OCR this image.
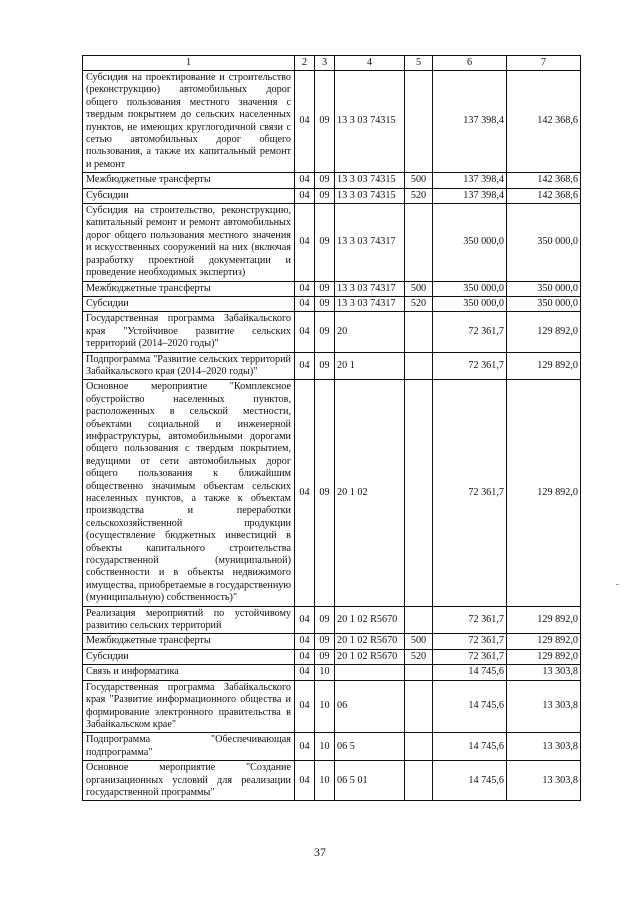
1	2	3	4	5	6	7
Субсидия на проектирование и строительство (реконструкцию) автомобильных дорог общего пользования местного значения с твердым покрытием до сельских населенных пунктов, не имеющих круглогодичной связи с сетью автомобильных дорог общего пользования, а также их капитальный ремонт и ремонт	04	09	13 3 03 74315		137 398,4	142 368,6
Межбюджетные трансферты	04	09	13 3 03 74315	500	137 398,4	142 368,6
Субсидии	04	09	13 3 03 74315	520	137 398,4	142 368,6
Субсидия на строительство, реконструкцию, капитальный ремонт и ремонт автомобильных дорог общего пользования местного значения и искусственных сооружений на них (включая разработку проектной документации и проведение необходимых экспертиз)	04	09	13 3 03 74317		350 000,0	350 000,0
Межбюджетные трансферты	04	09	13 3 03 74317	500	350 000,0	350 000,0
Субсидии	04	09	13 3 03 74317	520	350 000,0	350 000,0
Государственная программа Забайкальского края "Устойчивое развитие сельских территорий (2014–2020 годы)"	04	09	20		72 361,7	129 892,0
Подпрограмма "Развитие сельских территорий Забайкальского края (2014–2020 годы)"	04	09	20 1		72 361,7	129 892,0
Основное мероприятие "Комплексное обустройство населенных пунктов, расположенных в сельской местности, объектами социальной и инженерной инфраструктуры, автомобильными дорогами общего пользования с твердым покрытием, ведущими от сети автомобильных дорог общего пользования к ближайшим общественно значимым объектам сельских населенных пунктов, а также к объектам производства и переработки сельскохозяйственной продукции (осуществление бюджетных инвестиций в объекты капитального строительства государственной (муниципальной) собственности и в объекты недвижимого имущества, приобретаемые в государственную (муниципальную) собственность)"	04	09	20 1 02		72 361,7	129 892,0
Реализация мероприятий по устойчивому развитию сельских территорий	04	09	20 1 02 R5670		72 361,7	129 892,0
Межбюджетные трансферты	04	09	20 1 02 R5670	500	72 361,7	129 892,0
Субсидии	04	09	20 1 02 R5670	520	72 361,7	129 892,0
Связь и информатика	04	10			14 745,6	13 303,8
Государственная программа Забайкальского края "Развитие информационного общества и формирование электронного правительства в Забайкальском крае"	04	10	06		14 745,6	13 303,8
Подпрограмма "Обеспечивающая подпрограмма"	04	10	06 5		14 745,6	13 303,8
Основное мероприятие "Создание организационных условий для реализации государственной программы"	04	10	06 5 01		14 745,6	13 303,8
37
